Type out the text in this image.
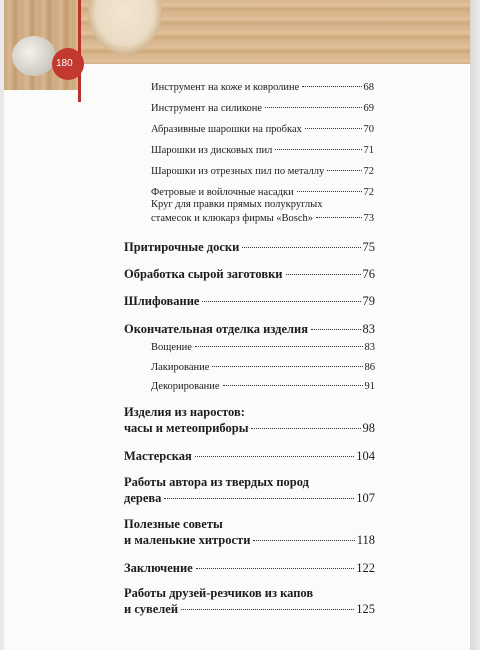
180
Инструмент на коже и ковролине	68
Инструмент на силиконе	69
Абразивные шарошки на пробках	70
Шарошки из дисковых пил	71
Шарошки из отрезных пил по металлу	72
Фетровые и войлочные насадки	72
Круг для правки прямых полукруглых
стамесок и клюкарз фирмы «Bosch»	73
Притирочные доски	75
Обработка сырой заготовки	76
Шлифование	79
Окончательная отделка изделия	83
Вощение	83
Лакирование	86
Декорирование	91
Изделия из наростов:
часы и метеоприборы	98
Мастерская	104
Работы автора из твердых пород
дерева	107
Полезные советы
и маленькие хитрости	118
Заключение	122
Работы друзей-резчиков из капов
и сувелей	125
